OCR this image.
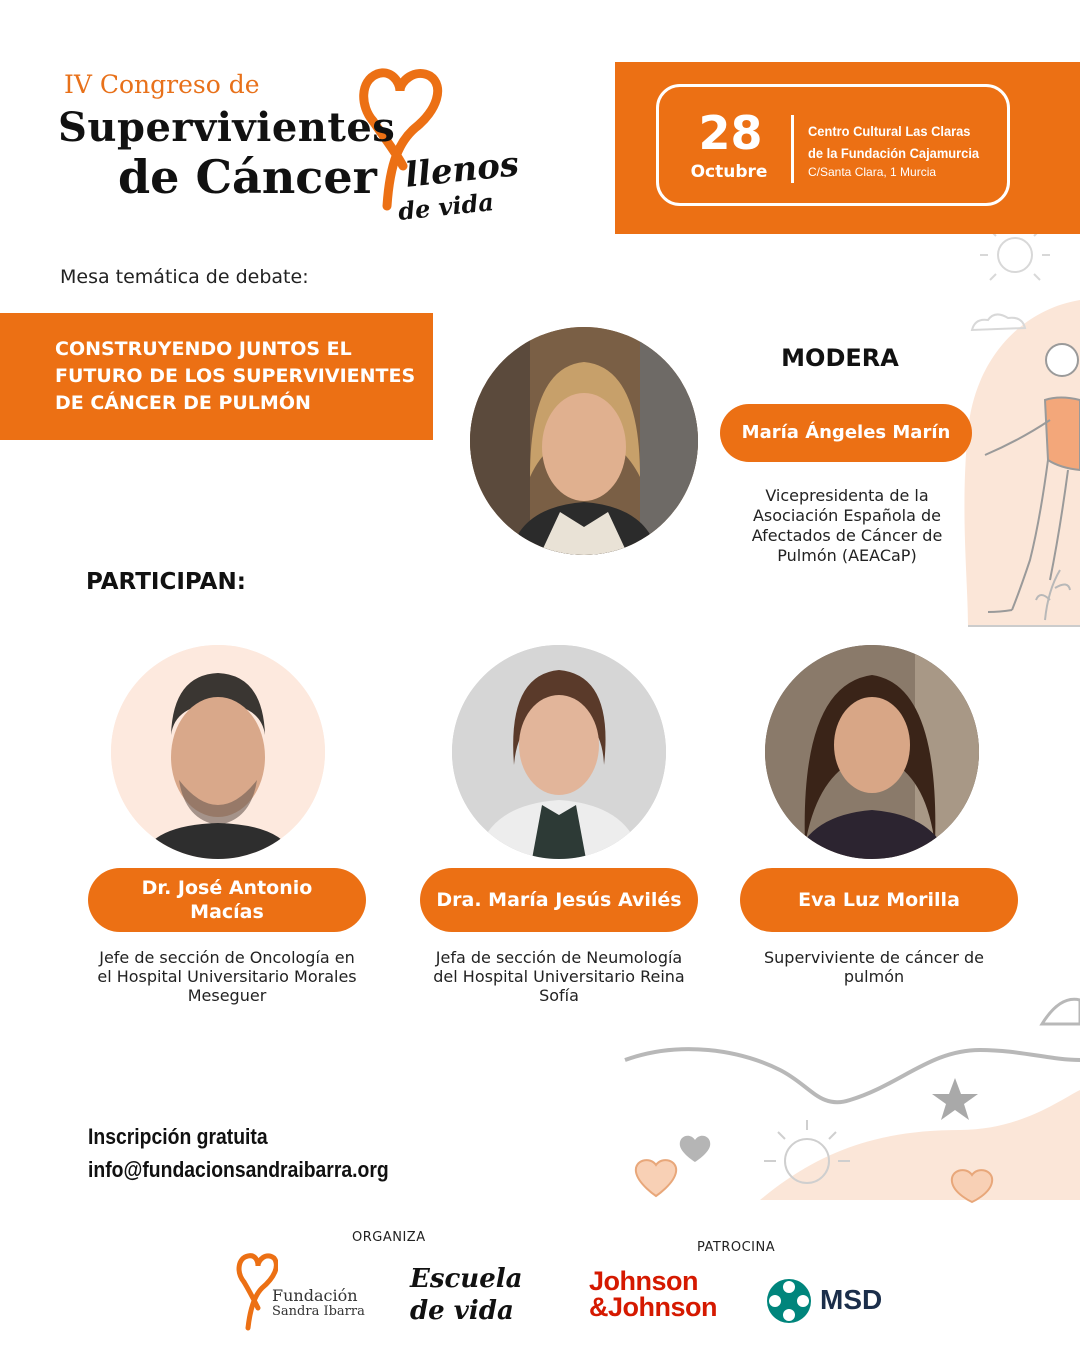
IV Congreso de
Supervivientes
de Cáncer llenos
de vida
28
Octubre
Centro Cultural Las Claras
de la Fundación Cajamurcia
C/Santa Clara, 1 Murcia
Mesa temática de debate:
CONSTRUYENDO JUNTOS EL FUTURO DE LOS SUPERVIVIENTES DE CÁNCER DE PULMÓN
MODERA
María Ángeles Marín
Vicepresidenta de la Asociación Española de Afectados de Cáncer de Pulmón (AEACaP)
PARTICIPAN:
Dr. José Antonio Macías
Jefe de sección de Oncología en el Hospital Universitario Morales Meseguer
Dra. María Jesús Avilés
Jefa de sección de Neumología del Hospital Universitario Reina Sofía
Eva Luz Morilla
Superviviente de cáncer de pulmón
Inscripción gratuita
info@fundacionsandraibarra.org
ORGANIZA
PATROCINA
Fundación
Sandra Ibarra
Escuela
de vida
Johnson
&Johnson	MSD
